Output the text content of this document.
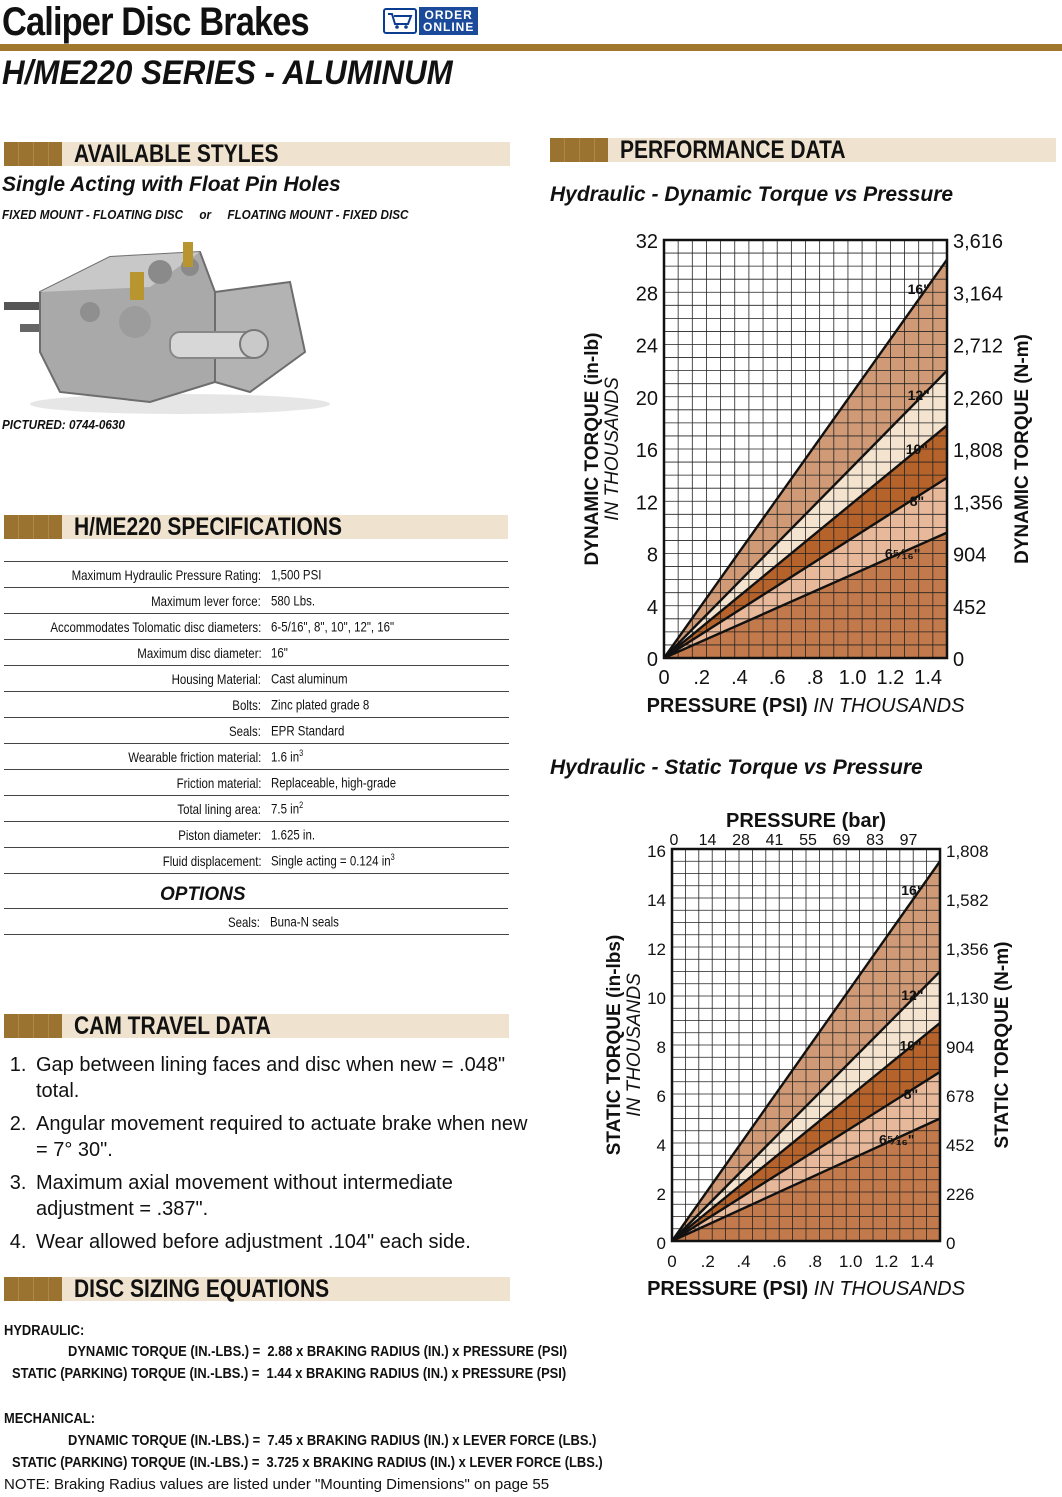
Caliper Disc Brakes	ORDER
ONLINE
H/ME220 SERIES - ALUMINUM
AVAILABLE STYLES
Single Acting with Float Pin Holes
FIXED MOUNT - FLOATING DISC     or     FLOATING MOUNT - FIXED DISC
PICTURED: 0744-0630
H/ME220 SPECIFICATIONS
Maximum Hydraulic Pressure Rating:	1,500 PSI
Maximum lever force:	580 Lbs.
Accommodates Tolomatic disc diameters:	6-5/16", 8", 10", 12", 16"
Maximum disc diameter:	16"
Housing Material:	Cast aluminum
Bolts:	Zinc plated grade 8
Seals:	EPR Standard
Wearable friction material:	1.6 $in^3$
Friction material:	Replaceable, high-grade
Total lining area:	7.5 $in^2$
Piston diameter:	1.625 in.
Fluid displacement:	Single acting = 0.124 $in^3$
OPTIONS
Seals:	Buna-N seals
CAM TRAVEL DATA
1. Gap between lining faces and disc when new = .048" total.
2. Angular movement required to actuate brake when new = 7° 30".
3. Maximum axial movement without intermediate adjustment = .387".
4. Wear allowed before adjustment .104" each side.
DISC SIZING EQUATIONS
HYDRAULIC:
DYNAMIC TORQUE (IN.-LBS.) = 2.88 x BRAKING RADIUS (IN.) x PRESSURE (PSI)
STATIC (PARKING) TORQUE (IN.-LBS.) = 1.44 x BRAKING RADIUS (IN.) x PRESSURE (PSI)
MECHANICAL:
DYNAMIC TORQUE (IN.-LBS.) = 7.45 x BRAKING RADIUS (IN.) x LEVER FORCE (LBS.)
STATIC (PARKING) TORQUE (IN.-LBS.) = 3.725 x BRAKING RADIUS (IN.) x LEVER FORCE (LBS.)
NOTE: Braking Radius values are listed under "Mounting Dimensions" on page 55
PERFORMANCE DATA
Hydraulic - Dynamic Torque vs Pressure
Hydraulic - Static Torque vs Pressure
16"
12"
10"
8"
6⁵⁄₁₆"
0
4
8
12
16
20
24
28
32
0
452
904
1,356
1,808
2,260
2,712
3,164
3,616
0 .2 .4 .6 .8 1.0 1.2 1.4
PRESSURE (PSI) IN THOUSANDS
DYNAMIC TORQUE (in-lb) IN THOUSANDS	DYNAMIC TORQUE (N-m)
16"
12"
10"
8"
6⁵⁄₁₆"
0
2
4
6
8
10
12
14
16
0
226
452
678
904
1,130
1,356
1,582
1,808
0 .2 .4 .6 .8 1.0 1.2 1.4
PRESSURE (PSI) IN THOUSANDS
STATIC TORQUE (in-lbs) IN THOUSANDS	STATIC TORQUE (N-m)
0 14 28 41 55 69 83 97
PRESSURE (bar)
